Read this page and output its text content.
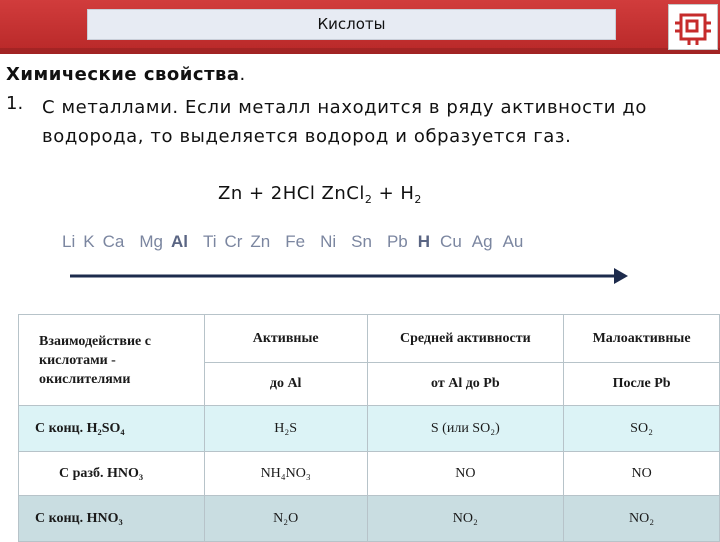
Кислоты
Химические свойства.
1. С металлами. Если металл находится в ряду активности до водорода, то выделяется водород и образуется газ.
Zn + 2HCl ZnCl$_2$ + $H_2$
Li K Ca Mg Al Ti Cr Zn Fe Ni Sn Pb H Cu Ag Au
Взаимодействие с кислотами - окислителями	Активные	Средней активности	Малоактивные
	до Al	от Al до Pb	После Pb
С конц. H₂SO₄	H₂S	S (или SO₂)	SO₂
С разб. HNO₃	NH₄NO₃	NO	NO
С конц. HNO₃	N₂O	NO₂	NO₂
